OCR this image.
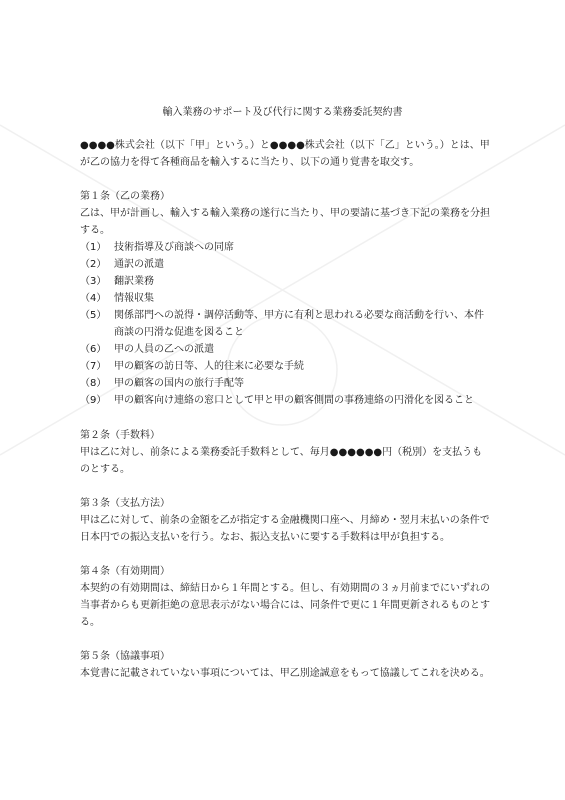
輸入業務のサポート及び代行に関する業務委託契約書

●●●●株式会社（以下「甲」という。）と●●●●株式会社（以下「乙」という。）とは、甲が乙の協力を得て各種商品を輸入するに当たり、以下の通り覚書を取交す。

第１条（乙の業務）

乙は、甲が計画し、輸入する輸入業務の遂行に当たり、甲の要請に基づき下記の業務を分担する。

（1） 技術指導及び商談への同席
（2） 通訳の派遣
（3） 翻訳業務
（4） 情報収集
（5） 関係部門への説得・調停活動等、甲方に有利と思われる必要な商活動を行い、本件商談の円滑な促進を図ること
（6） 甲の人員の乙への派遣
（7） 甲の顧客の訪日等、人的往来に必要な手続
（8） 甲の顧客の国内の旅行手配等
（9） 甲の顧客向け連絡の窓口として甲と甲の顧客側間の事務連絡の円滑化を図ること

第２条（手数料）

甲は乙に対し、前条による業務委託手数料として、毎月●●●●●●円（税別）を支払うものとする。

第３条（支払方法）

甲は乙に対して、前条の金額を乙が指定する金融機関口座へ、月締め・翌月末払いの条件で日本円での振込支払いを行う。なお、振込支払いに要する手数料は甲が負担する。

第４条（有効期間）

本契約の有効期間は、締結日から１年間とする。但し、有効期間の３ヵ月前までにいずれの当事者からも更新拒絶の意思表示がない場合には、同条件で更に１年間更新されるものとする。

第５条（協議事項）

本覚書に記載されていない事項については、甲乙別途誠意をもって協議してこれを決める。
